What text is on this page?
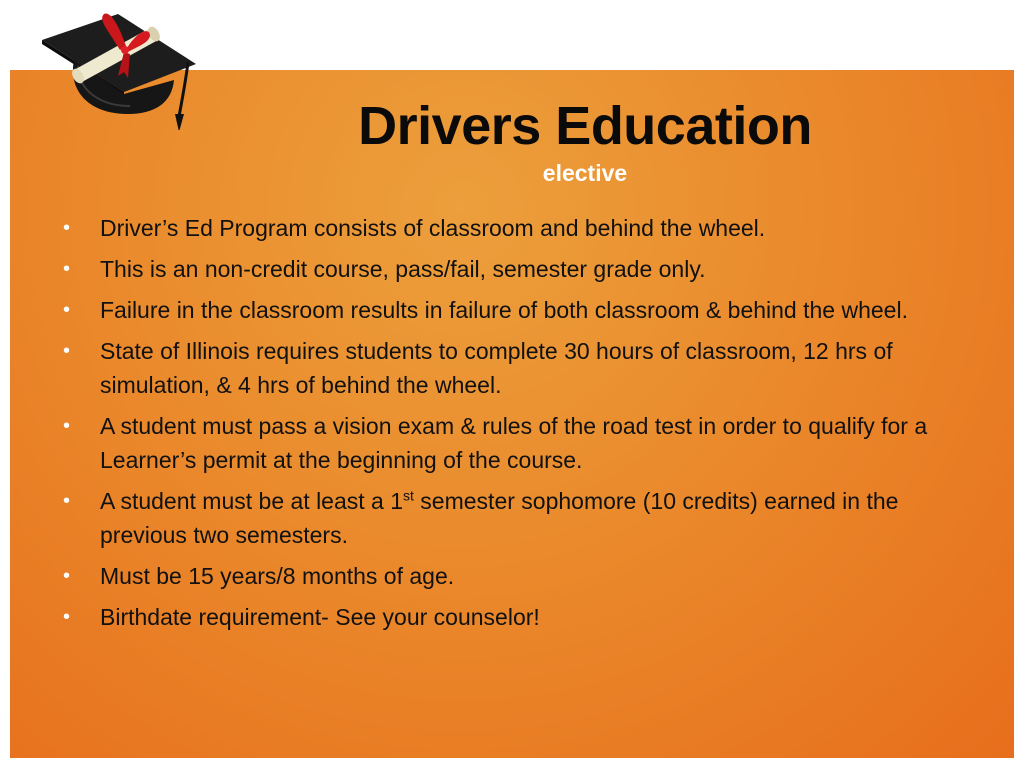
Drivers Education
elective
• Driver’s Ed Program consists of classroom and behind the wheel.
• This is an non-credit course, pass/fail, semester grade only.
• Failure in the classroom results in failure of both classroom & behind the wheel.
• State of Illinois requires students to complete 30 hours of classroom, 12 hrs of simulation, & 4 hrs of behind the wheel.
• A student must pass a vision exam & rules of the road test in order to qualify for a Learner’s permit at the beginning of the course.
• A student must be at least a 1st semester sophomore (10 credits) earned in the previous two semesters.
• Must be 15 years/8 months of age.
• Birthdate requirement- See your counselor!
